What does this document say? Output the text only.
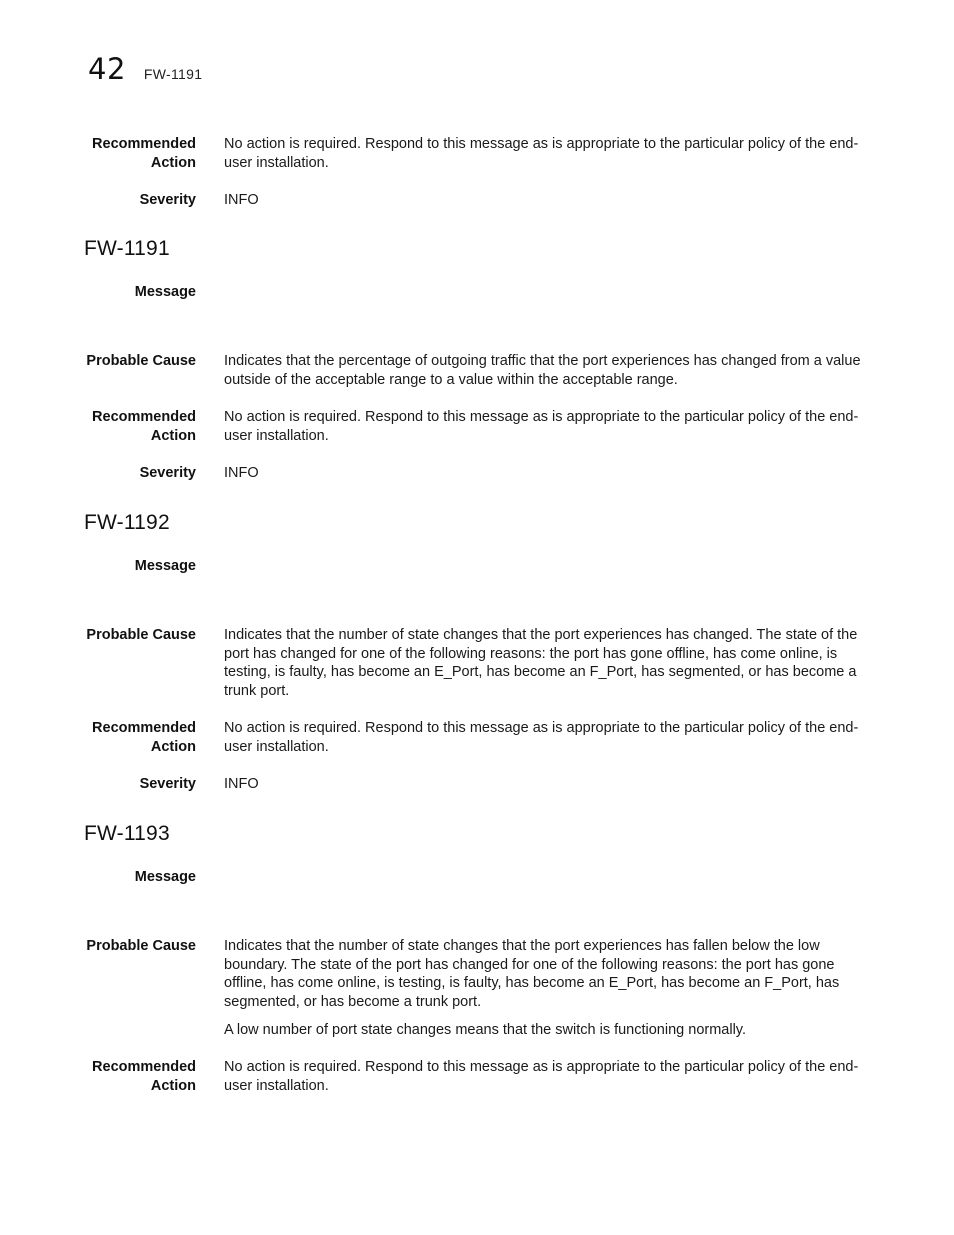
42 FW-1191
Recommended
Action
No action is required. Respond to this message as is appropriate to the particular policy of the end-user installation.
Severity INFO
FW-1191
Message
Probable Cause Indicates that the percentage of outgoing traffic that the port experiences has changed from a value outside of the acceptable range to a value within the acceptable range.
Recommended
Action
No action is required. Respond to this message as is appropriate to the particular policy of the end-user installation.
Severity INFO
FW-1192
Message
Probable Cause Indicates that the number of state changes that the port experiences has changed. The state of the port has changed for one of the following reasons: the port has gone offline, has come online, is testing, is faulty, has become an E_Port, has become an F_Port, has segmented, or has become a trunk port.
Recommended
Action
No action is required. Respond to this message as is appropriate to the particular policy of the end-user installation.
Severity INFO
FW-1193
Message
Probable Cause Indicates that the number of state changes that the port experiences has fallen below the low boundary. The state of the port has changed for one of the following reasons: the port has gone offline, has come online, is testing, is faulty, has become an E_Port, has become an F_Port, has segmented, or has become a trunk port.
A low number of port state changes means that the switch is functioning normally.
Recommended
Action
No action is required. Respond to this message as is appropriate to the particular policy of the end-user installation.
